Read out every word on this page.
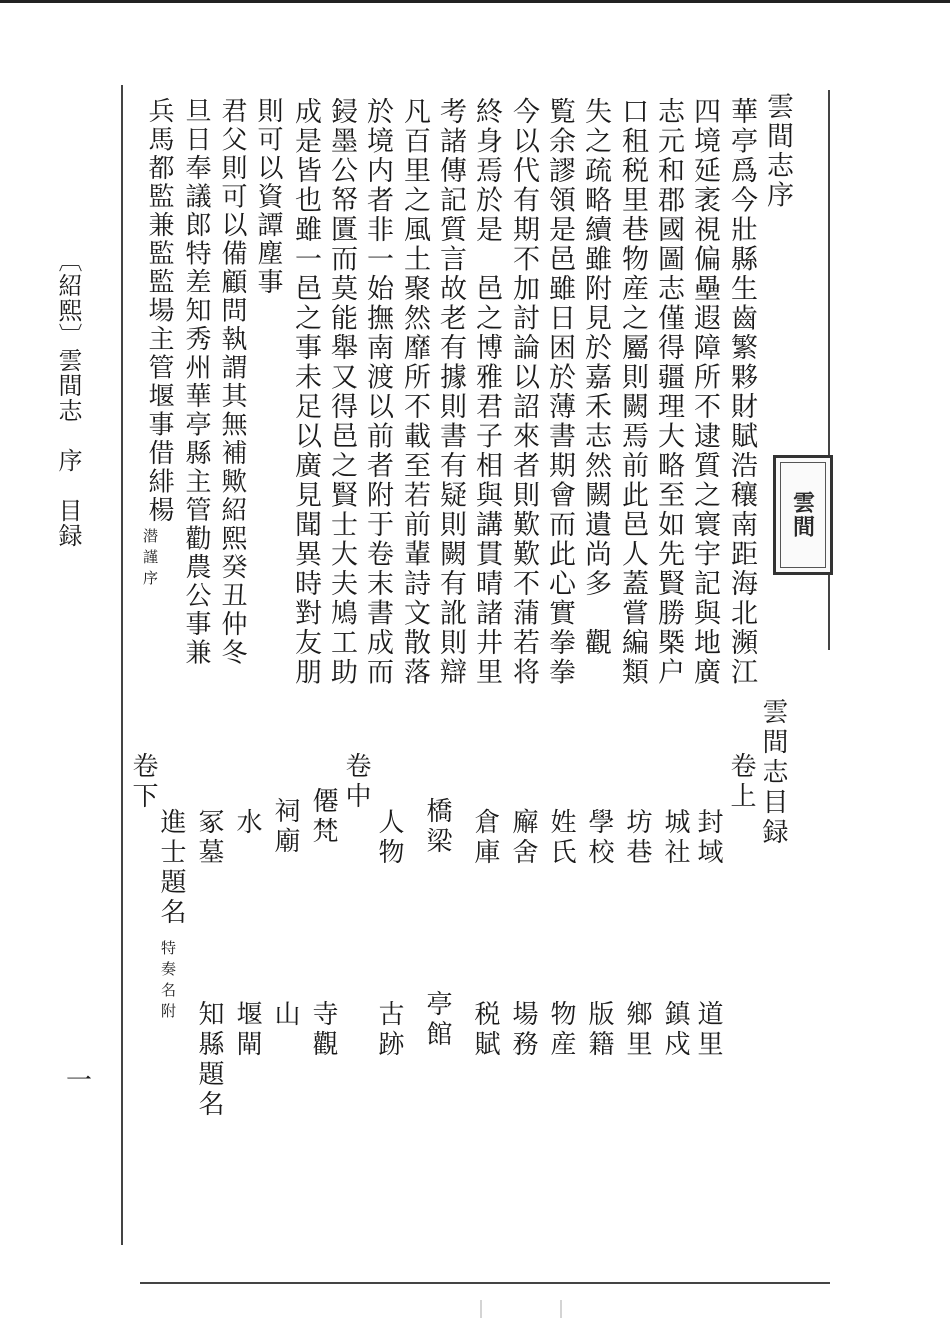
〔紹熙〕雲間志　序　目録
一
雲間志序
華亭爲今壯縣生齒繁夥財賦浩穰南距海北瀕江
四境延袤視偏壘遐障所不逮質之寰宇記與地廣
志元和郡國圖志僅得疆理大略至如先賢勝槩户
口租税里巷物産之屬則闕焉前此邑人蓋嘗編類
失之疏略續雖附見於嘉禾志然闕遺尚多　觀
覧余謬領是邑雖日困於薄書期會而此心實拳拳
今以代有期不加討論以詔來者則歎歎不蒲若将
終身焉於是　邑之博雅君子相與講貫晴諸井里
考諸傳記質言故老有據則書有疑則闕有訛則辯
凡百里之風土聚然靡所不載至若前輩詩文散落
於境内者非一始撫南渡以前者附于卷末書成而
鋟墨公帑匱而莫能舉又得邑之賢士大夫鳩工助
成是皆也雖一邑之事未足以廣見聞異時對友朋
則可以資譚塵事
君父則可以備顧問執謂其無補歟紹熙癸丑仲冬
旦日奉議郎特差知秀州華亭縣主管勸農公事兼
兵馬都監兼監監場主管堰事借緋楊
潜謹序
雲間
雲間志目録
卷上
封域
城社
坊巷
學校
姓氏
廨舍
倉庫
橋梁
人物
卷中
僊梵
祠廟
水
冢墓
卷下
進士題名
道里
鎮戍
鄉里
版籍
物産
場務
税賦
亭館
古跡
寺觀
山
堰閘
知縣題名
特奏名附
